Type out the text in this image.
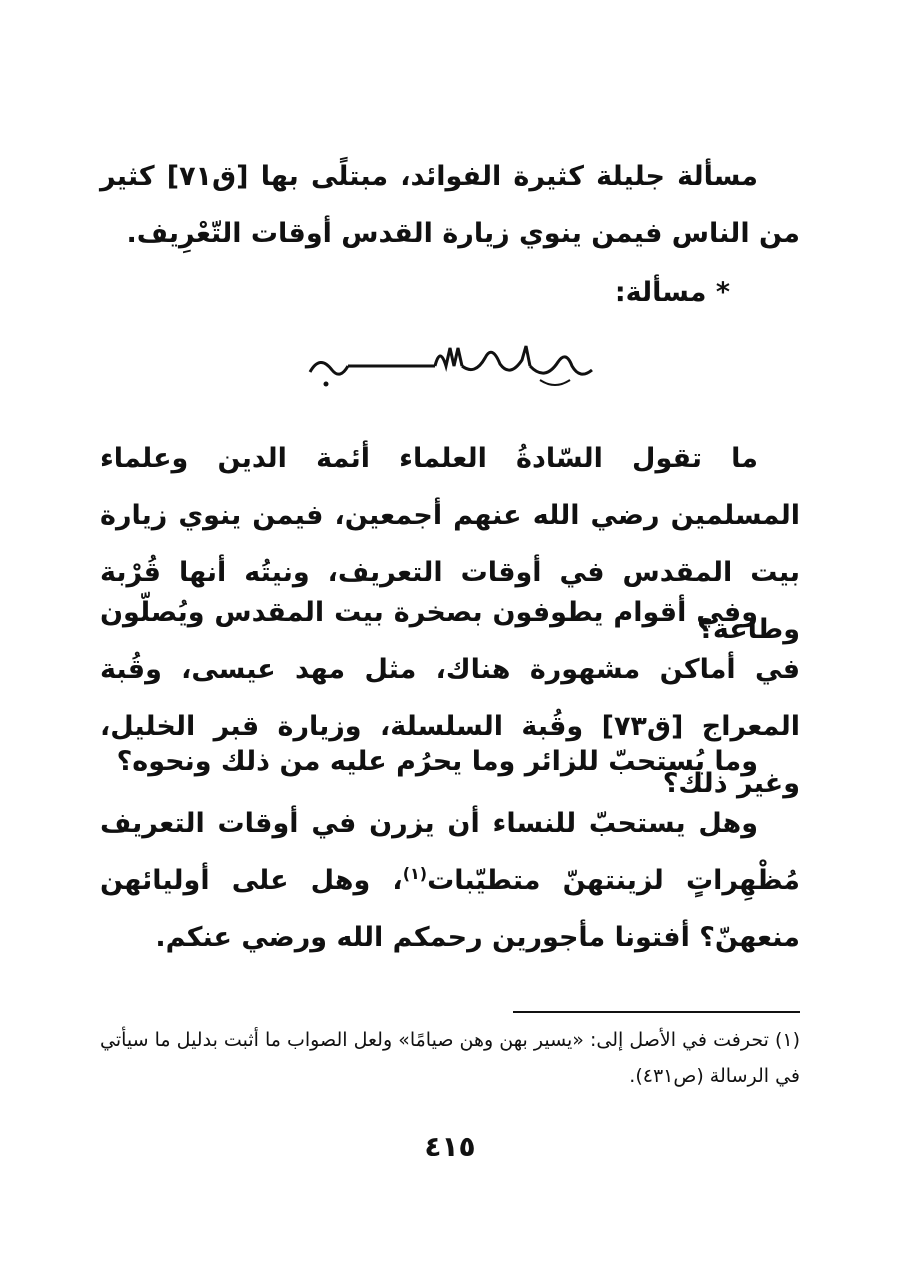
مسألة جليلة كثيرة الفوائد، مبتلًى بها [ق٧١] كثير من الناس فيمن ينوي زيارة القدس أوقات التّعْرِيف.

* مسألة:

ما تقول السّادةُ العلماء أئمة الدين وعلماء المسلمين رضي الله عنهم أجمعين، فيمن ينوي زيارة بيت المقدس في أوقات التعريف، ونيتُه أنها قُرْبة وطاعة؟

وفي أقوام يطوفون بصخرة بيت المقدس ويُصلّون في أماكن مشهورة هناك، مثل مهد عيسى، وقُبة المعراج [ق٧٣] وقُبة السلسلة، وزيارة قبر الخليل، وغير ذلك؟

وما يُستحبّ للزائر وما يحرُم عليه من ذلك ونحوه؟

وهل يستحبّ للنساء أن يزرن في أوقات التعريف مُظْهِراتٍ لزينتهنّ متطيّبات$^{(١)}$، وهل على أوليائهن منعهنّ؟ أفتونا مأجورين رحمكم الله ورضي عنكم.

(١) تحرفت في الأصل إلى: «يسير بهن وهن صيامًا» ولعل الصواب ما أثبت بدليل ما سيأتي في الرسالة (ص٤٣١).

٤١٥
